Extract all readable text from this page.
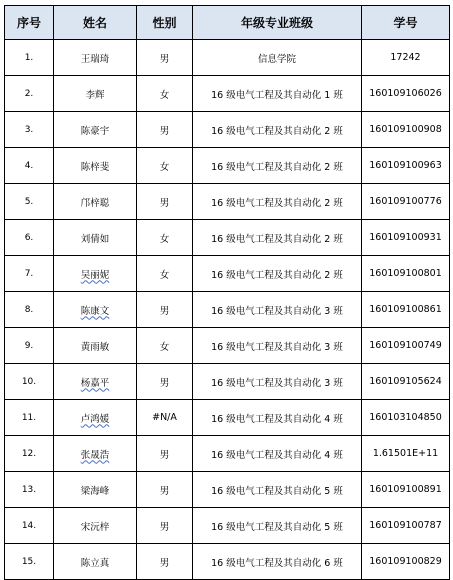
序号	姓名	性别	年级专业班级	学号
1.	王瑞琦	男	信息学院	17242
2.	李辉	女	16 级电气工程及其自动化 1 班	160109106026
3.	陈豪宇	男	16 级电气工程及其自动化 2 班	160109100908
4.	陈梓斐	女	16 级电气工程及其自动化 2 班	160109100963
5.	邝梓聪	男	16 级电气工程及其自动化 2 班	160109100776
6.	刘倩如	女	16 级电气工程及其自动化 2 班	160109100931
7.	吴丽妮	女	16 级电气工程及其自动化 2 班	160109100801
8.	陈康文	男	16 级电气工程及其自动化 3 班	160109100861
9.	黄雨敏	女	16 级电气工程及其自动化 3 班	160109100749
10.	杨嘉平	男	16 级电气工程及其自动化 3 班	160109105624
11.	卢鸿媛	#N/A	16 级电气工程及其自动化 4 班	160103104850
12.	张晟浩	男	16 级电气工程及其自动化 4 班	1.61501E+11
13.	梁海峰	男	16 级电气工程及其自动化 5 班	160109100891
14.	宋沅梓	男	16 级电气工程及其自动化 5 班	160109100787
15.	陈立真	男	16 级电气工程及其自动化 6 班	160109100829
